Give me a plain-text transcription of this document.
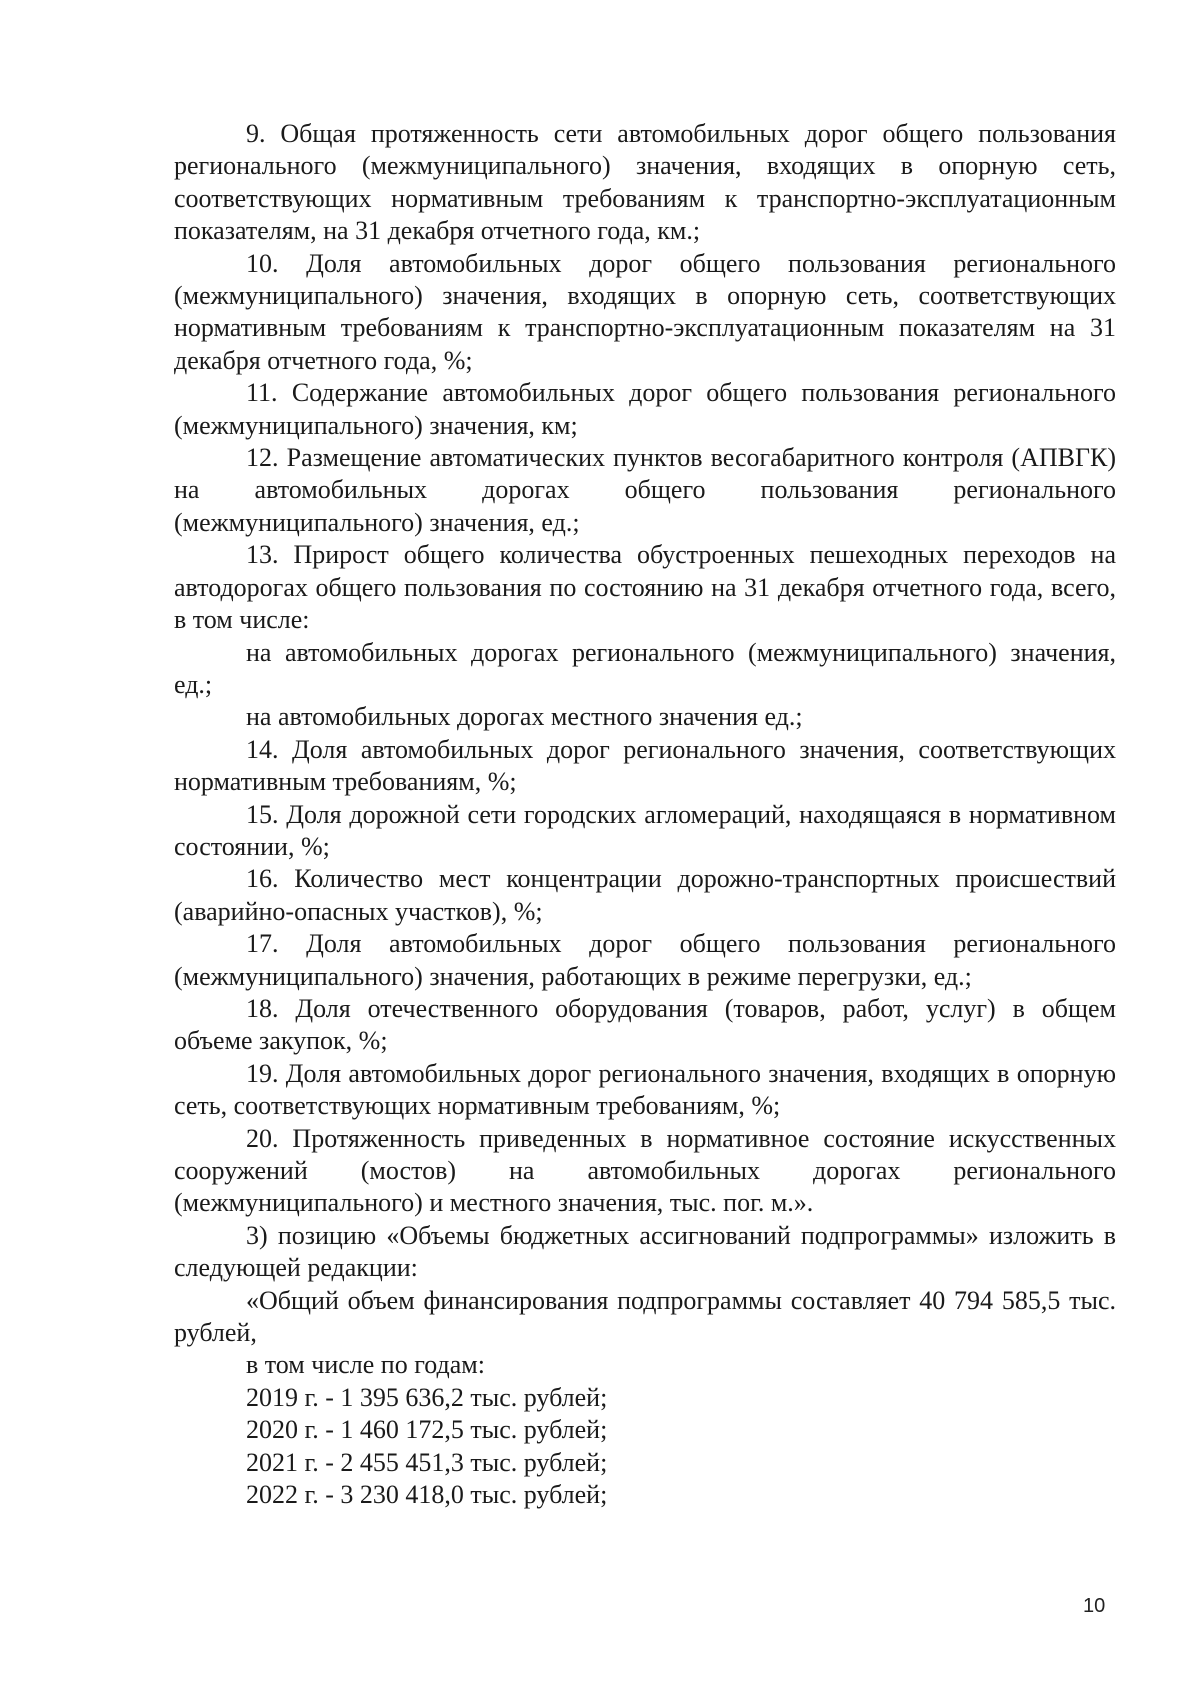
9. Общая протяженность сети автомобильных дорог общего пользования регионального (межмуниципального) значения, входящих в опорную сеть, соответствующих нормативным требованиям к транспортно-эксплуатационным показателям, на 31 декабря отчетного года, км.;

10. Доля автомобильных дорог общего пользования регионального (межмуниципального) значения, входящих в опорную сеть, соответствующих нормативным требованиям к транспортно-эксплуатационным показателям на 31 декабря отчетного года, %;

11. Содержание автомобильных дорог общего пользования регионального (межмуниципального) значения, км;

12. Размещение автоматических пунктов весогабаритного контроля (АПВГК) на автомобильных дорогах общего пользования регионального (межмуниципального) значения, ед.;

13. Прирост общего количества обустроенных пешеходных переходов на автодорогах общего пользования по состоянию на 31 декабря отчетного года, всего, в том числе:

на автомобильных дорогах регионального (межмуниципального) значения, ед.;

на автомобильных дорогах местного значения ед.;

14. Доля автомобильных дорог регионального значения, соответствующих нормативным требованиям, %;

15. Доля дорожной сети городских агломераций, находящаяся в нормативном состоянии, %;

16. Количество мест концентрации дорожно-транспортных происшествий (аварийно-опасных участков), %;

17. Доля автомобильных дорог общего пользования регионального (межмуниципального) значения, работающих в режиме перегрузки, ед.;

18. Доля отечественного оборудования (товаров, работ, услуг) в общем объеме закупок, %;

19. Доля автомобильных дорог регионального значения, входящих в опорную сеть, соответствующих нормативным требованиям, %;

20. Протяженность приведенных в нормативное состояние искусственных сооружений (мостов) на автомобильных дорогах регионального (межмуниципального) и местного значения, тыс. пог. м.».

3) позицию «Объемы бюджетных ассигнований подпрограммы» изложить в следующей редакции:

«Общий объем финансирования подпрограммы составляет 40 794 585,5 тыс. рублей,

в том числе по годам:

2019 г. - 1 395 636,2 тыс. рублей;

2020 г. - 1 460 172,5 тыс. рублей;

2021 г. - 2 455 451,3 тыс. рублей;

2022 г. - 3 230 418,0 тыс. рублей;

10
